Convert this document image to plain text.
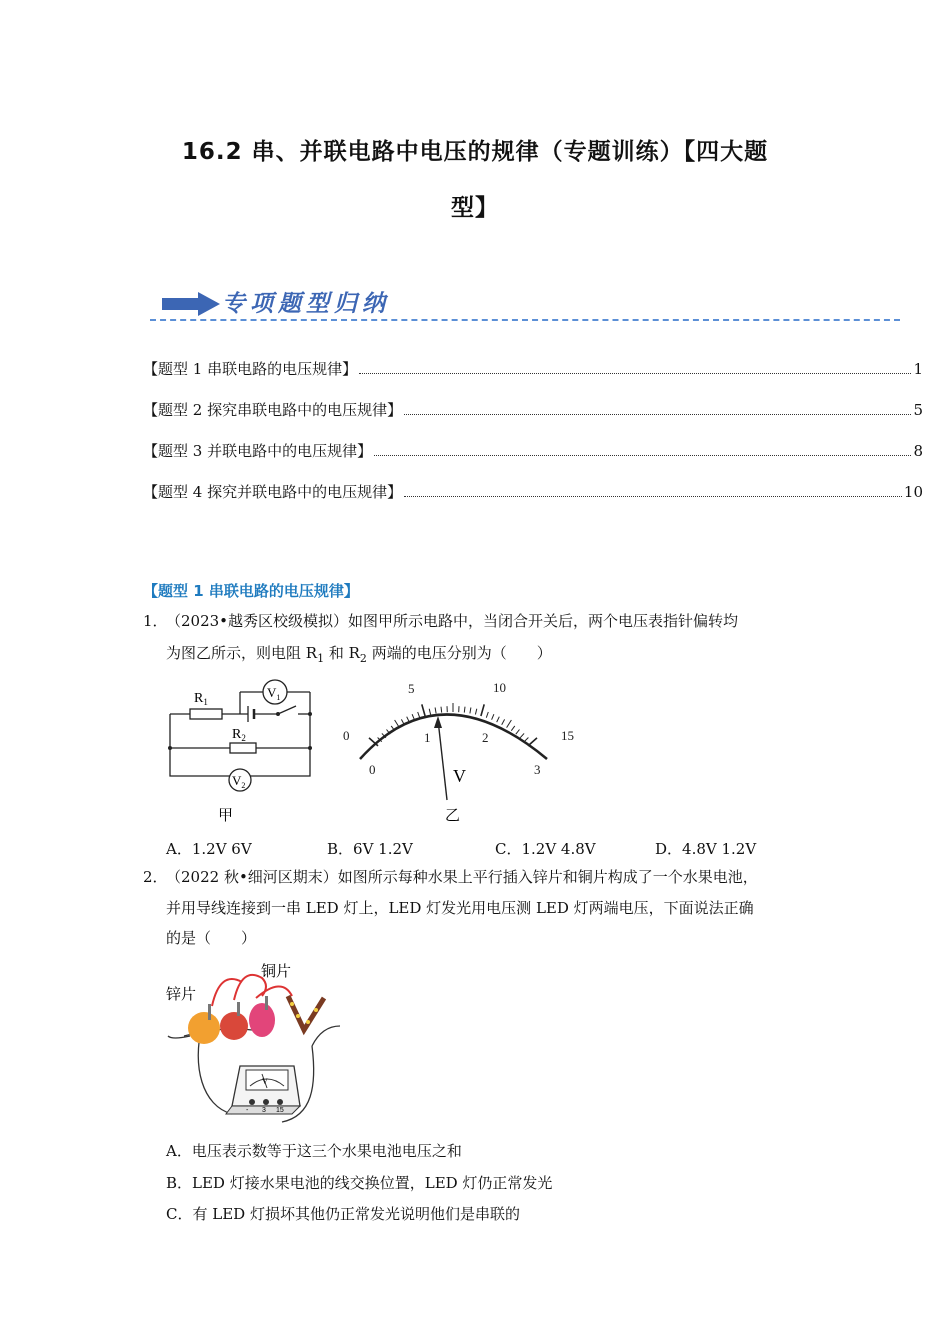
16.2 串、并联电路中电压的规律（专题训练）【四大题
型】
专项题型归纳
【题型 1 串联电路的电压规律】	1
【题型 2 探究串联电路中的电压规律】	5
【题型 3 并联电路中的电压规律】	8
【题型 4 探究并联电路中的电压规律】	10
【题型 1 串联电路的电压规律】
1．
（2023•越秀区校级模拟）如图甲所示电路中，当闭合开关后，两个电压表指针偏转均
为图乙所示，则电阻 $R_1$ 和 $R_2$ 两端的电压分别为（　　）
$R_1$
$R_2$
$V_1$
$V_2$
甲
0
5	10
15
0
1	2
3
V
乙
A．1.2V 6V	B．6V 1.2V	C．1.2V 4.8V	D．4.8V 1.2V
2．
（2022 秋•细河区期末）如图所示每种水果上平行插入锌片和铜片构成了一个水果电池，
并用导线连接到一串 LED 灯上，LED 灯发光用电压测 LED 灯两端电压，下面说法正确
的是（　　）
锌片
铜片
V
- 3 15
A．电压表示数等于这三个水果电池电压之和
B．LED 灯接水果电池的线交换位置，LED 灯仍正常发光
C．有 LED 灯损坏其他仍正常发光说明他们是串联的
